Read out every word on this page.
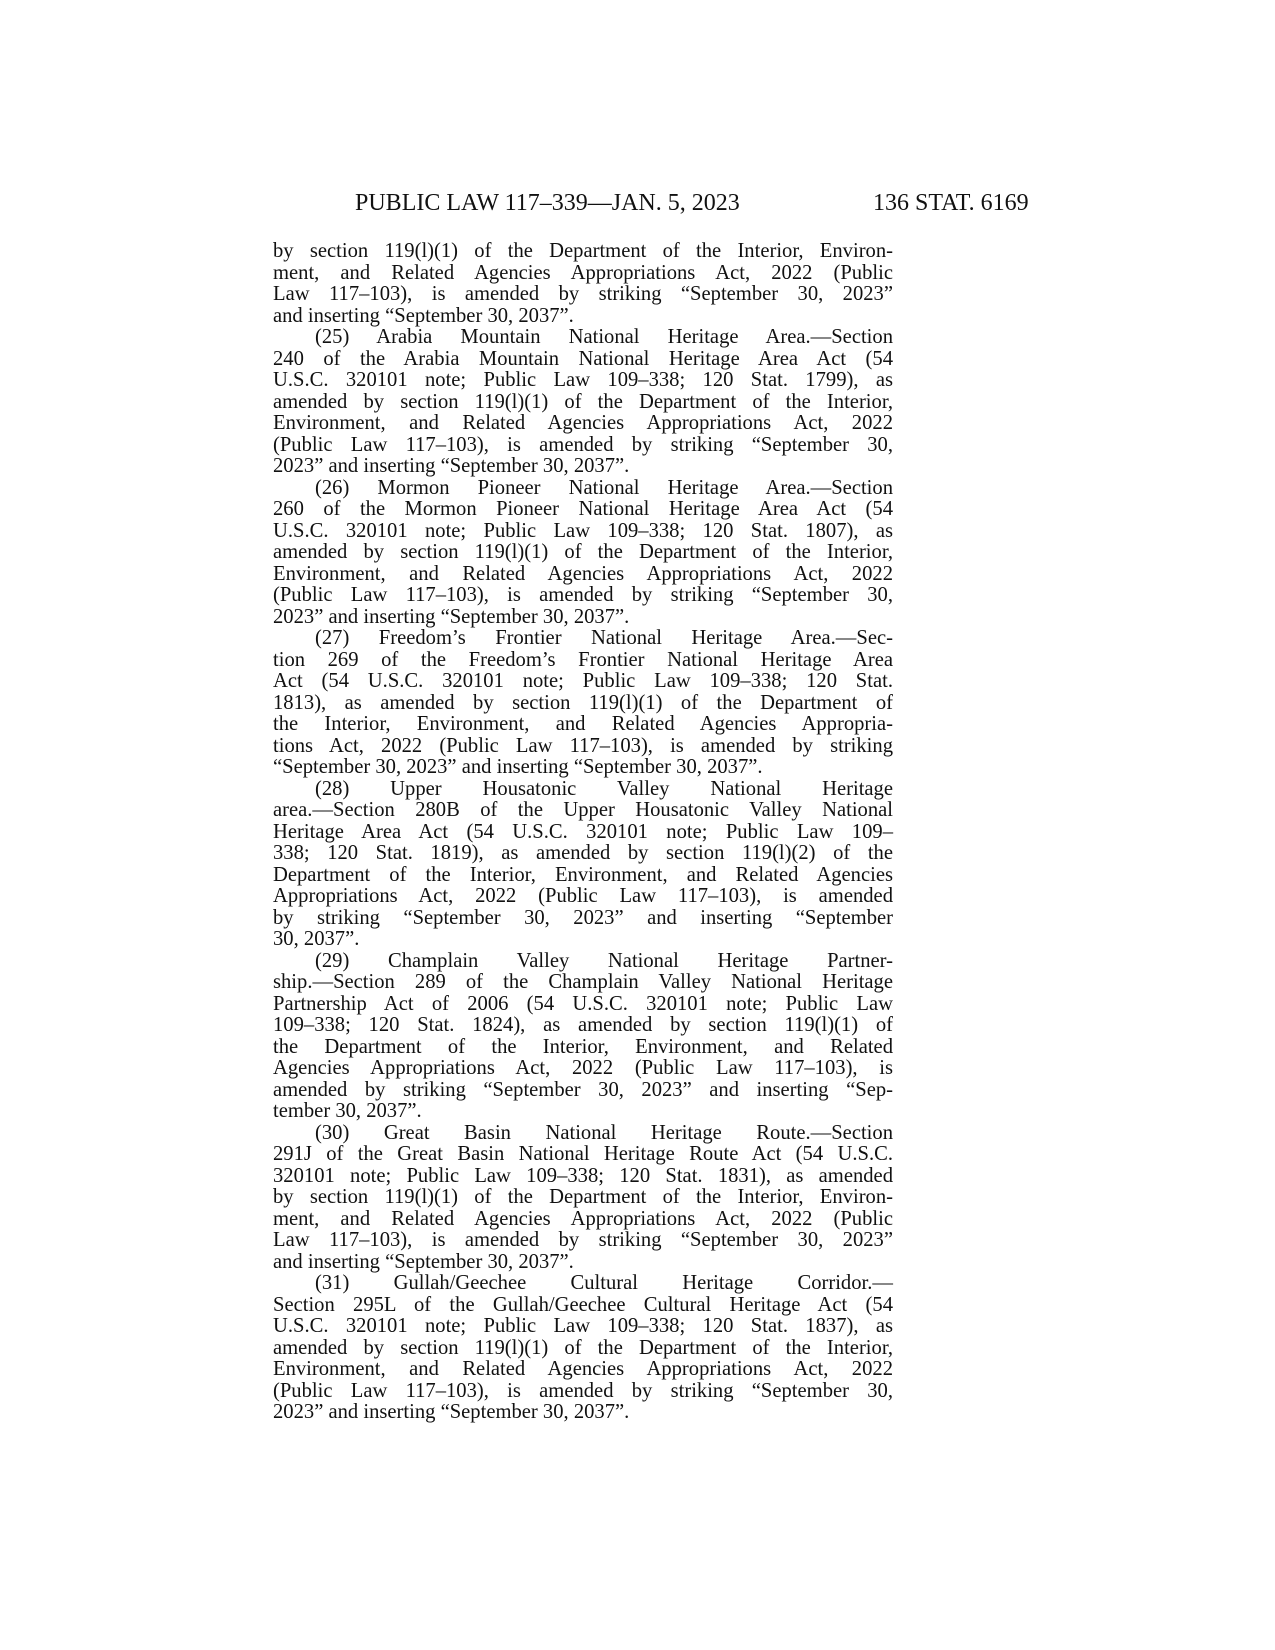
PUBLIC LAW 117–339—JAN. 5, 2023	136 STAT. 6169
by section 119(l)(1) of the Department of the Interior, Environ-
ment, and Related Agencies Appropriations Act, 2022 (Public
Law 117–103), is amended by striking “September 30, 2023”
and inserting “September 30, 2037”.
(25) Arabia Mountain National Heritage Area.—Section
240 of the Arabia Mountain National Heritage Area Act (54
U.S.C. 320101 note; Public Law 109–338; 120 Stat. 1799), as
amended by section 119(l)(1) of the Department of the Interior,
Environment, and Related Agencies Appropriations Act, 2022
(Public Law 117–103), is amended by striking “September 30,
2023” and inserting “September 30, 2037”.
(26) Mormon Pioneer National Heritage Area.—Section
260 of the Mormon Pioneer National Heritage Area Act (54
U.S.C. 320101 note; Public Law 109–338; 120 Stat. 1807), as
amended by section 119(l)(1) of the Department of the Interior,
Environment, and Related Agencies Appropriations Act, 2022
(Public Law 117–103), is amended by striking “September 30,
2023” and inserting “September 30, 2037”.
(27) Freedom’s Frontier National Heritage Area.—Sec-
tion 269 of the Freedom’s Frontier National Heritage Area
Act (54 U.S.C. 320101 note; Public Law 109–338; 120 Stat.
1813), as amended by section 119(l)(1) of the Department of
the Interior, Environment, and Related Agencies Appropria-
tions Act, 2022 (Public Law 117–103), is amended by striking
“September 30, 2023” and inserting “September 30, 2037”.
(28) Upper Housatonic Valley National Heritage
area.—Section 280B of the Upper Housatonic Valley National
Heritage Area Act (54 U.S.C. 320101 note; Public Law 109–
338; 120 Stat. 1819), as amended by section 119(l)(2) of the
Department of the Interior, Environment, and Related Agencies
Appropriations Act, 2022 (Public Law 117–103), is amended
by striking “September 30, 2023” and inserting “September
30, 2037”.
(29) Champlain Valley National Heritage Partner-
ship.—Section 289 of the Champlain Valley National Heritage
Partnership Act of 2006 (54 U.S.C. 320101 note; Public Law
109–338; 120 Stat. 1824), as amended by section 119(l)(1) of
the Department of the Interior, Environment, and Related
Agencies Appropriations Act, 2022 (Public Law 117–103), is
amended by striking “September 30, 2023” and inserting “Sep-
tember 30, 2037”.
(30) Great Basin National Heritage Route.—Section
291J of the Great Basin National Heritage Route Act (54 U.S.C.
320101 note; Public Law 109–338; 120 Stat. 1831), as amended
by section 119(l)(1) of the Department of the Interior, Environ-
ment, and Related Agencies Appropriations Act, 2022 (Public
Law 117–103), is amended by striking “September 30, 2023”
and inserting “September 30, 2037”.
(31) Gullah/Geechee Cultural Heritage Corridor.—
Section 295L of the Gullah/Geechee Cultural Heritage Act (54
U.S.C. 320101 note; Public Law 109–338; 120 Stat. 1837), as
amended by section 119(l)(1) of the Department of the Interior,
Environment, and Related Agencies Appropriations Act, 2022
(Public Law 117–103), is amended by striking “September 30,
2023” and inserting “September 30, 2037”.
